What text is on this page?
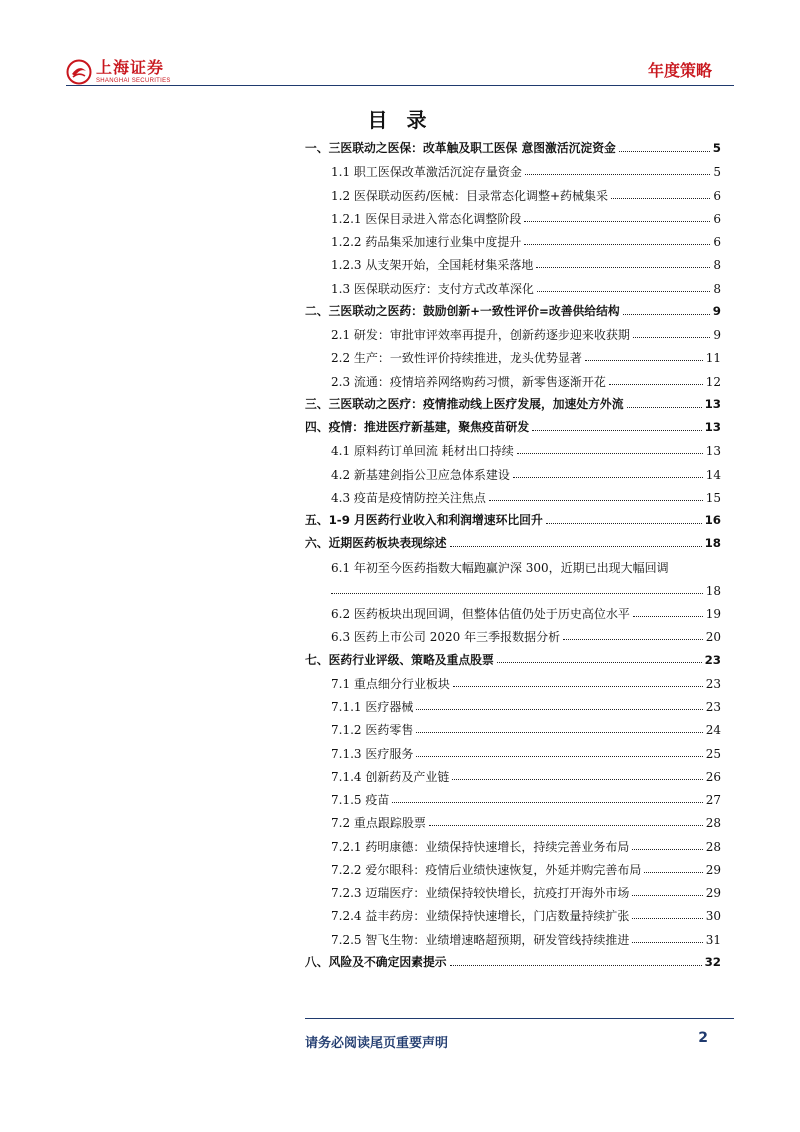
上海证券
SHANGHAI SECURITIES
年度策略
目 录
一、三医联动之医保：改革触及职工医保 意图激活沉淀资金	5
1.1 职工医保改革激活沉淀存量资金	5
1.2 医保联动医药/医械：目录常态化调整+药械集采	6
1.2.1 医保目录进入常态化调整阶段	6
1.2.2 药品集采加速行业集中度提升	6
1.2.3 从支架开始，全国耗材集采落地	8
1.3 医保联动医疗：支付方式改革深化	8
二、三医联动之医药：鼓励创新+一致性评价=改善供给结构	9
2.1 研发：审批审评效率再提升，创新药逐步迎来收获期	9
2.2 生产：一致性评价持续推进，龙头优势显著	11
2.3 流通：疫情培养网络购药习惯，新零售逐渐开花	12
三、三医联动之医疗：疫情推动线上医疗发展，加速处方外流	13
四、疫情：推进医疗新基建，聚焦疫苗研发	13
4.1 原料药订单回流 耗材出口持续	13
4.2 新基建剑指公卫应急体系建设	14
4.3 疫苗是疫情防控关注焦点	15
五、1-9 月医药行业收入和利润增速环比回升	16
六、近期医药板块表现综述	18
6.1 年初至今医药指数大幅跑赢沪深 300，近期已出现大幅回调
18
6.2 医药板块出现回调，但整体估值仍处于历史高位水平	19
6.3 医药上市公司 2020 年三季报数据分析	20
七、医药行业评级、策略及重点股票	23
7.1 重点细分行业板块	23
7.1.1 医疗器械	23
7.1.2 医药零售	24
7.1.3 医疗服务	25
7.1.4 创新药及产业链	26
7.1.5 疫苗	27
7.2 重点跟踪股票	28
7.2.1 药明康德：业绩保持快速增长，持续完善业务布局	28
7.2.2 爱尔眼科：疫情后业绩快速恢复，外延并购完善布局	29
7.2.3 迈瑞医疗：业绩保持较快增长，抗疫打开海外市场	29
7.2.4 益丰药房：业绩保持快速增长，门店数量持续扩张	30
7.2.5 智飞生物：业绩增速略超预期，研发管线持续推进	31
八、风险及不确定因素提示	32
请务必阅读尾页重要声明	2
